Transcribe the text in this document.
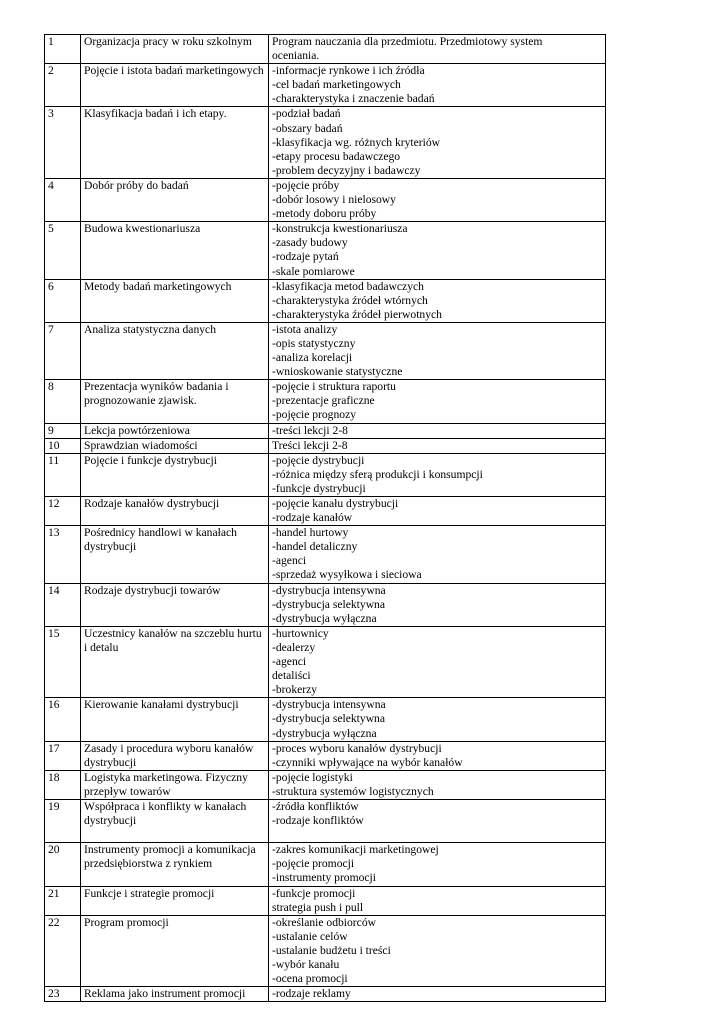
1	Organizacja pracy w roku szkolnym	Program nauczania dla przedmiotu. Przedmiotowy system
oceniania.

2	Pojęcie i istota badań marketingowych	-informacje rynkowe i ich źródła
-cel badań marketingowych
-charakterystyka i znaczenie badań

3	Klasyfikacja badań i ich etapy.	-podział badań
-obszary badań
-klasyfikacja wg. różnych kryteriów
-etapy procesu badawczego
-problem decyzyjny i badawczy

4	Dobór próby do badań	-pojęcie próby
-dobór losowy i nielosowy
-metody doboru próby

5	Budowa kwestionariusza	-konstrukcja kwestionariusza
-zasady budowy
-rodzaje pytań
-skale pomiarowe

6	Metody badań marketingowych	-klasyfikacja metod badawczych
-charakterystyka źródeł wtórnych
-charakterystyka źródeł pierwotnych

7	Analiza statystyczna danych	-istota analizy
-opis statystyczny
-analiza korelacji
-wnioskowanie statystyczne

8	Prezentacja wyników badania i prognozowanie zjawisk.	-pojęcie i struktura raportu
-prezentacje graficzne
-pojęcie prognozy

9	Lekcja powtórzeniowa	-treści lekcji 2-8

10	Sprawdzian wiadomości	Treści lekcji 2-8

11	Pojęcie i funkcje dystrybucji	-pojęcie dystrybucji
-różnica między sferą produkcji i konsumpcji
-funkcje dystrybucji

12	Rodzaje kanałów dystrybucji	-pojęcie kanału dystrybucji
-rodzaje kanałów

13	Pośrednicy handlowi w kanałach dystrybucji	-handel hurtowy
-handel detaliczny
-agenci
-sprzedaż wysyłkowa i sieciowa

14	Rodzaje dystrybucji towarów	-dystrybucja intensywna
-dystrybucja selektywna
-dystrybucja wyłączna

15	Uczestnicy kanałów na szczeblu hurtu i detalu	-hurtownicy
-dealerzy
-agenci
detaliści
-brokerzy

16	Kierowanie kanałami dystrybucji	-dystrybucja intensywna
-dystrybucja selektywna
-dystrybucja wyłączna

17	Zasady i procedura wyboru kanałów dystrybucji	-proces wyboru kanałów dystrybucji
-czynniki wpływające na wybór kanałów

18	Logistyka marketingowa. Fizyczny przepływ towarów	-pojęcie logistyki
-struktura systemów logistycznych

19	Współpraca i konflikty w kanałach dystrybucji	-źródła konfliktów
-rodzaje konfliktów

20	Instrumenty promocji a komunikacja przedsiębiorstwa z rynkiem	-zakres komunikacji marketingowej
-pojęcie promocji
-instrumenty promocji

21	Funkcje i strategie promocji	-funkcje promocji
strategia push i pull

22	Program promocji	-określanie odbiorców
-ustalanie celów
-ustalanie budżetu i treści
-wybór kanału
-ocena promocji

23	Reklama jako instrument promocji	-rodzaje reklamy
